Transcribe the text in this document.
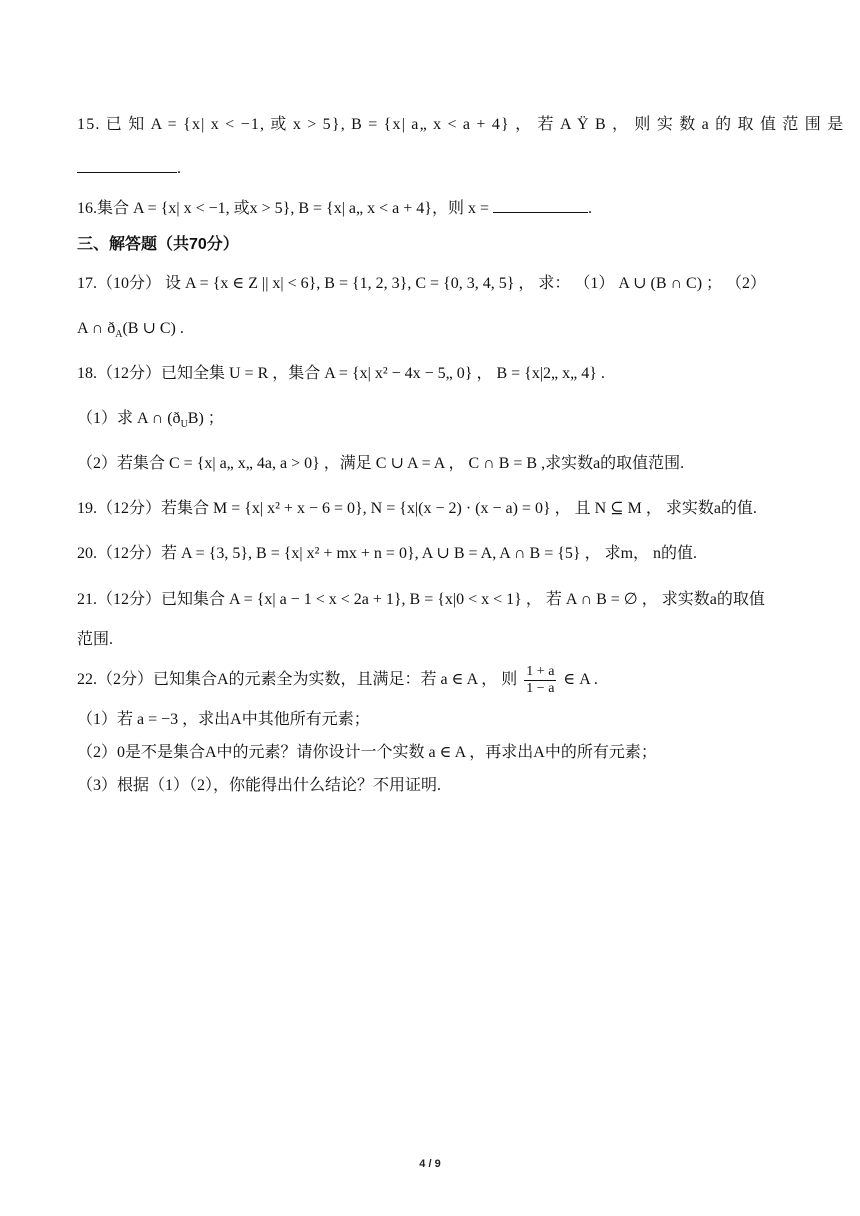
15. 已 知 A = {x| x < −1, 或 x > 5}, B = {x| a„ x < a + 4} ， 若 A Ÿ B ， 则 实 数 a 的 取 值 范 围 是
.
16.集合 A = {x| x < −1, 或x > 5}, B = {x| a„ x < a + 4}，则 x =	.
三、解答题（共70分）
17.（10分） 设 A = {x ∈ Z || x| < 6}, B = {1, 2, 3}, C = {0, 3, 4, 5} ， 求： （1） A ∪ (B ∩ C) ； （2）
A ∩ $ð_A(B$ ∪ C) .
18.（12分）已知全集 U = R ，集合 A = {x| x² − 4x − 5„ 0} ， B = {x|2„ x„ 4} .
（1）求 A ∩ $(ð_UB)$ ；
（2）若集合 C = {x| a„ x„ 4a, a > 0} ，满足 C ∪ A = A ， C ∩ B = B ,求实数a的取值范围.
19.（12分）若集合 M = {x| x² + x − 6 = 0}, N = {x|(x − 2) · (x − a) = 0} ， 且 N ⊆ M ， 求实数a的值.
20.（12分）若 A = {3, 5}, B = {x| x² + mx + n = 0}, A ∪ B = A, A ∩ B = {5} ， 求m， n的值.
21.（12分）已知集合 A = {x| a − 1 < x < 2a + 1}, B = {x|0 < x < 1} ， 若 A ∩ B = ∅ ， 求实数a的取值
范围.
22.（2分）已知集合A的元素全为实数，且满足：若 a ∈ A ， 则 $\frac{1 + a}{1 - a}$ ∈ A .
（1）若 a = −3 ，求出A中其他所有元素；
（2）0是不是集合A中的元素？请你设计一个实数 a ∈ A ，再求出A中的所有元素；
（3）根据（1）（2），你能得出什么结论？不用证明.
4 / 9
